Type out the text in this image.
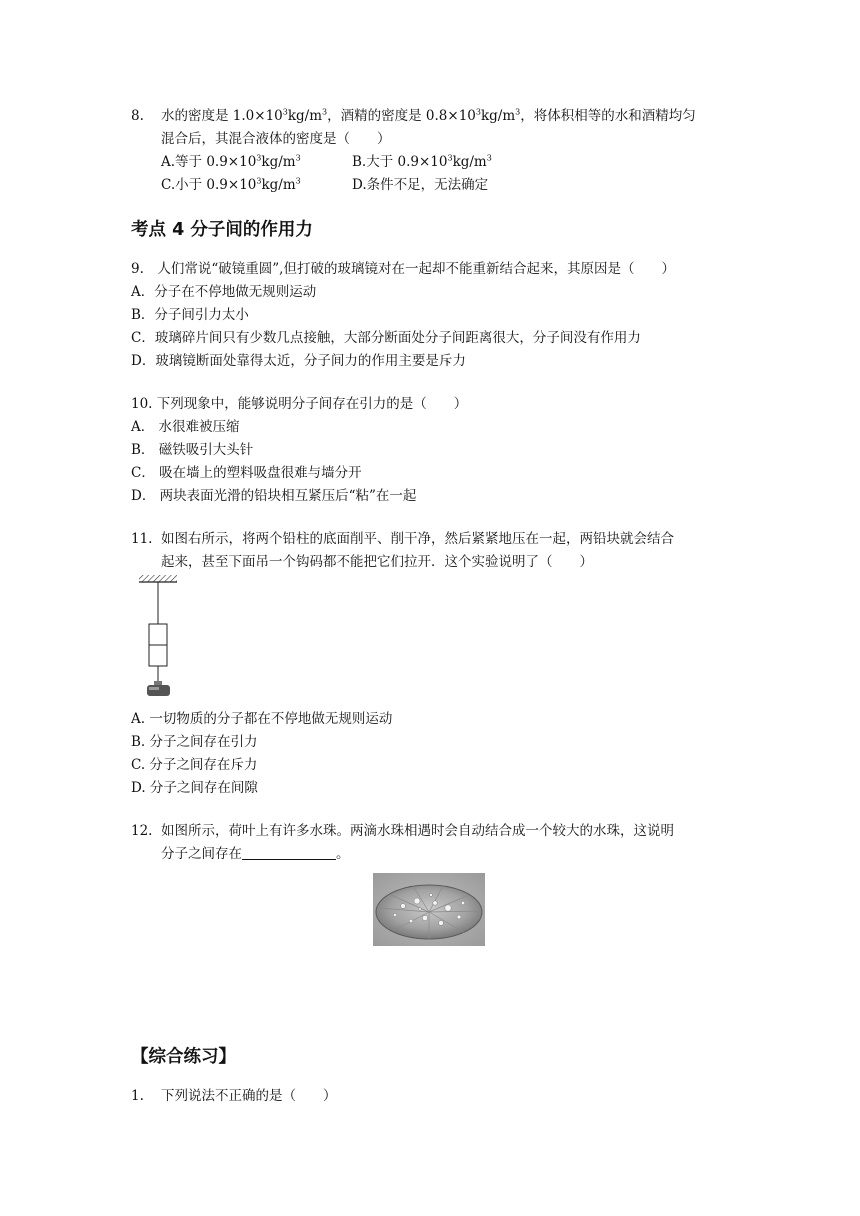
8. 水的密度是 $1.0\times 10^3kg/m^3$，酒精的密度是 $0.8\times 10^3kg/m^3$，将体积相等的水和酒精均匀
混合后，其混合液体的密度是（　　）
A.等于 $0.9\times 10^3kg/m^3$	B.大于 $0.9\times 10^3kg/m^3$
C.小于 $0.9\times 10^3kg/m^3$	D.条件不足，无法确定
考点 4 分子间的作用力
9.　人们常说“破镜重圆”,但打破的玻璃镜对在一起却不能重新结合起来，其原因是（　　）
A．分子在不停地做无规则运动
B．分子间引力太小
C．玻璃碎片间只有少数几点接触，大部分断面处分子间距离很大，分子间没有作用力
D．玻璃镜断面处靠得太近，分子间力的作用主要是斥力
10. 下列现象中，能够说明分子间存在引力的是（　　）
A． 水很难被压缩
B． 磁铁吸引大头针
C． 吸在墙上的塑料吸盘很难与墙分开
D． 两块表面光滑的铅块相互紧压后“粘”在一起
11. 如图右所示，将两个铅柱的底面削平、削干净，然后紧紧地压在一起，两铅块就会结合
起来，甚至下面吊一个钩码都不能把它们拉开．这个实验说明了（　　）
A. 一切物质的分子都在不停地做无规则运动
B. 分子之间存在引力
C. 分子之间存在斥力
D. 分子之间存在间隙
12. 如图所示，荷叶上有许多水珠。两滴水珠相遇时会自动结合成一个较大的水珠，这说明
分子之间存在	。
【综合练习】
1. 下列说法不正确的是（　　）
